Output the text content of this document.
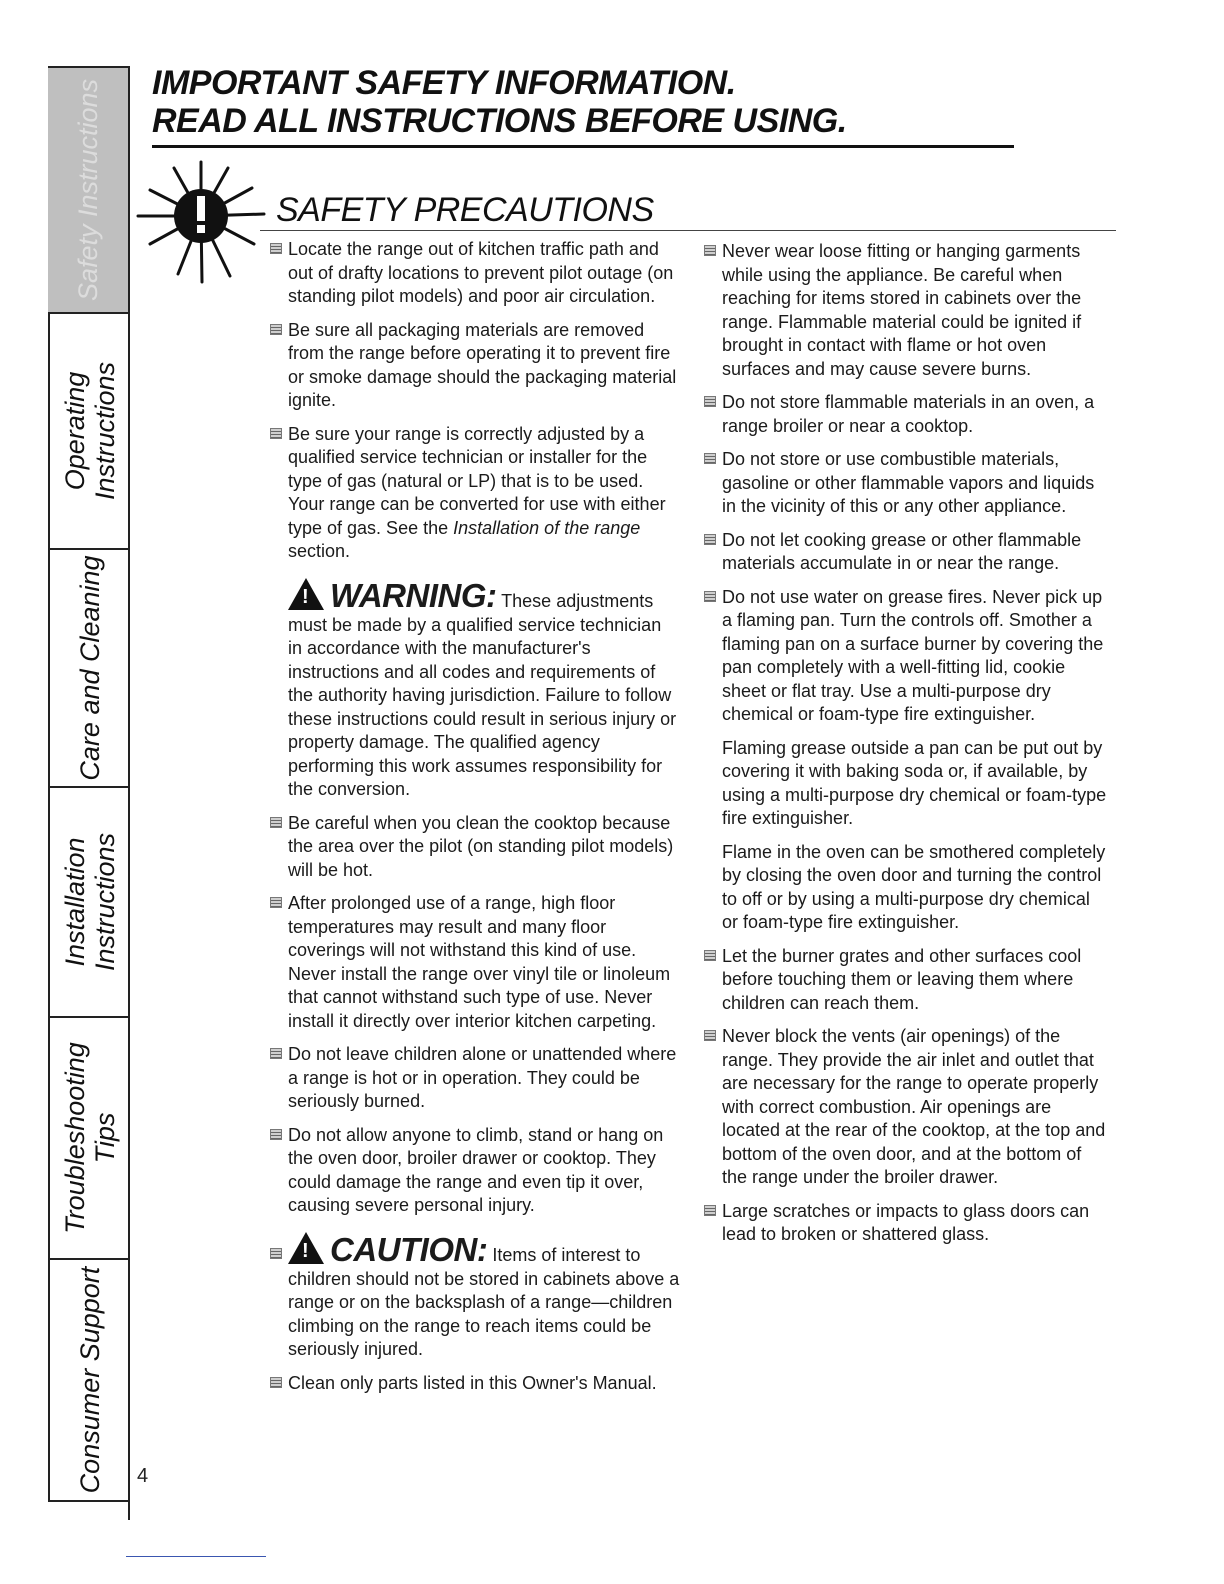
Safety Instructions
Operating
Instructions
Care and Cleaning
Installation
Instructions
Troubleshooting
Tips
Consumer Support
IMPORTANT SAFETY INFORMATION.
READ ALL INSTRUCTIONS BEFORE USING.
SAFETY PRECAUTIONS
Locate the range out of kitchen traffic path and out of drafty locations to prevent pilot outage (on standing pilot models) and poor air circulation.
Be sure all packaging materials are removed from the range before operating it to prevent fire or smoke damage should the packaging material ignite.
Be sure your range is correctly adjusted by a qualified service technician or installer for the type of gas (natural or LP) that is to be used. Your range can be converted for use with either type of gas. See the Installation of the range section.
!WARNING: These adjustments must be made by a qualified service technician in accordance with the manufacturer's instructions and all codes and requirements of the authority having jurisdiction. Failure to follow these instructions could result in serious injury or property damage. The qualified agency performing this work assumes responsibility for the conversion.
Be careful when you clean the cooktop because the area over the pilot (on standing pilot models) will be hot.
After prolonged use of a range, high floor temperatures may result and many floor coverings will not withstand this kind of use. Never install the range over vinyl tile or linoleum that cannot withstand such type of use. Never install it directly over interior kitchen carpeting.
Do not leave children alone or unattended where a range is hot or in operation. They could be seriously burned.
Do not allow anyone to climb, stand or hang on the oven door, broiler drawer or cooktop. They could damage the range and even tip it over, causing severe personal injury.
!CAUTION: Items of interest to children should not be stored in cabinets above a range or on the backsplash of a range—children climbing on the range to reach items could be seriously injured.
Clean only parts listed in this Owner's Manual.
Never wear loose fitting or hanging garments while using the appliance. Be careful when reaching for items stored in cabinets over the range. Flammable material could be ignited if brought in contact with flame or hot oven surfaces and may cause severe burns.
Do not store flammable materials in an oven, a range broiler or near a cooktop.
Do not store or use combustible materials, gasoline or other flammable vapors and liquids in the vicinity of this or any other appliance.
Do not let cooking grease or other flammable materials accumulate in or near the range.
Do not use water on grease fires. Never pick up a flaming pan. Turn the controls off. Smother a flaming pan on a surface burner by covering the pan completely with a well-fitting lid, cookie sheet or flat tray. Use a multi-purpose dry chemical or foam-type fire extinguisher.
Flaming grease outside a pan can be put out by covering it with baking soda or, if available, by using a multi-purpose dry chemical or foam-type fire extinguisher.
Flame in the oven can be smothered completely by closing the oven door and turning the control to off or by using a multi-purpose dry chemical or foam-type fire extinguisher.
Let the burner grates and other surfaces cool before touching them or leaving them where children can reach them.
Never block the vents (air openings) of the range. They provide the air inlet and outlet that are necessary for the range to operate properly with correct combustion. Air openings are located at the rear of the cooktop, at the top and bottom of the oven door, and at the bottom of the range under the broiler drawer.
Large scratches or impacts to glass doors can lead to broken or shattered glass.
4
